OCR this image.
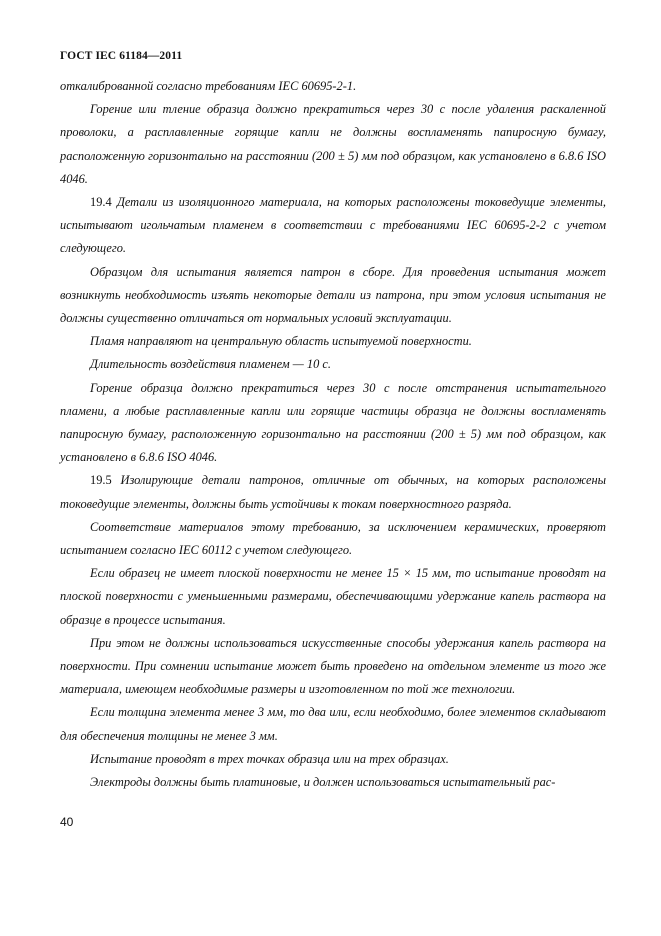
ГОСТ IEC 61184—2011

откалиброванной согласно требованиям IEC 60695-2-1.

Горение или тление образца должно прекратиться через 30 с после удаления раскаленной проволоки, а расплавленные горящие капли не должны воспламенять папиросную бумагу, расположенную горизонтально на расстоянии (200 ± 5) мм под образцом, как установлено в 6.8.6 ISO 4046.

19.4 Детали из изоляционного материала, на которых расположены токоведущие элементы, испытывают игольчатым пламенем в соответствии с требованиями IEC 60695-2-2 с учетом следующего.

Образцом для испытания является патрон в сборе. Для проведения испытания может возникнуть необходимость изъять некоторые детали из патрона, при этом условия испытания не должны существенно отличаться от нормальных условий эксплуатации.

Пламя направляют на центральную область испытуемой поверхности.

Длительность воздействия пламенем — 10 с.

Горение образца должно прекратиться через 30 с после отстранения испытательного пламени, а любые расплавленные капли или горящие частицы образца не должны воспламенять папиросную бумагу, расположенную горизонтально на расстоянии (200 ± 5) мм под образцом, как установлено в 6.8.6 ISO 4046.

19.5 Изолирующие детали патронов, отличные от обычных, на которых расположены токоведущие элементы, должны быть устойчивы к токам поверхностного разряда.

Соответствие материалов этому требованию, за исключением керамических, проверяют испытанием согласно IEC 60112 с учетом следующего.

Если образец не имеет плоской поверхности не менее 15 × 15 мм, то испытание проводят на плоской поверхности с уменьшенными размерами, обеспечивающими удержание капель раствора на образце в процессе испытания.

При этом не должны использоваться искусственные способы удержания капель раствора на поверхности. При сомнении испытание может быть проведено на отдельном элементе из того же материала, имеющем необходимые размеры и изготовленном по той же технологии.

Если толщина элемента менее 3 мм, то два или, если необходимо, более элементов складывают для обеспечения толщины не менее 3 мм.

Испытание проводят в трех точках образца или на трех образцах.

Электроды должны быть платиновые, и должен использоваться испытательный рас-

40
